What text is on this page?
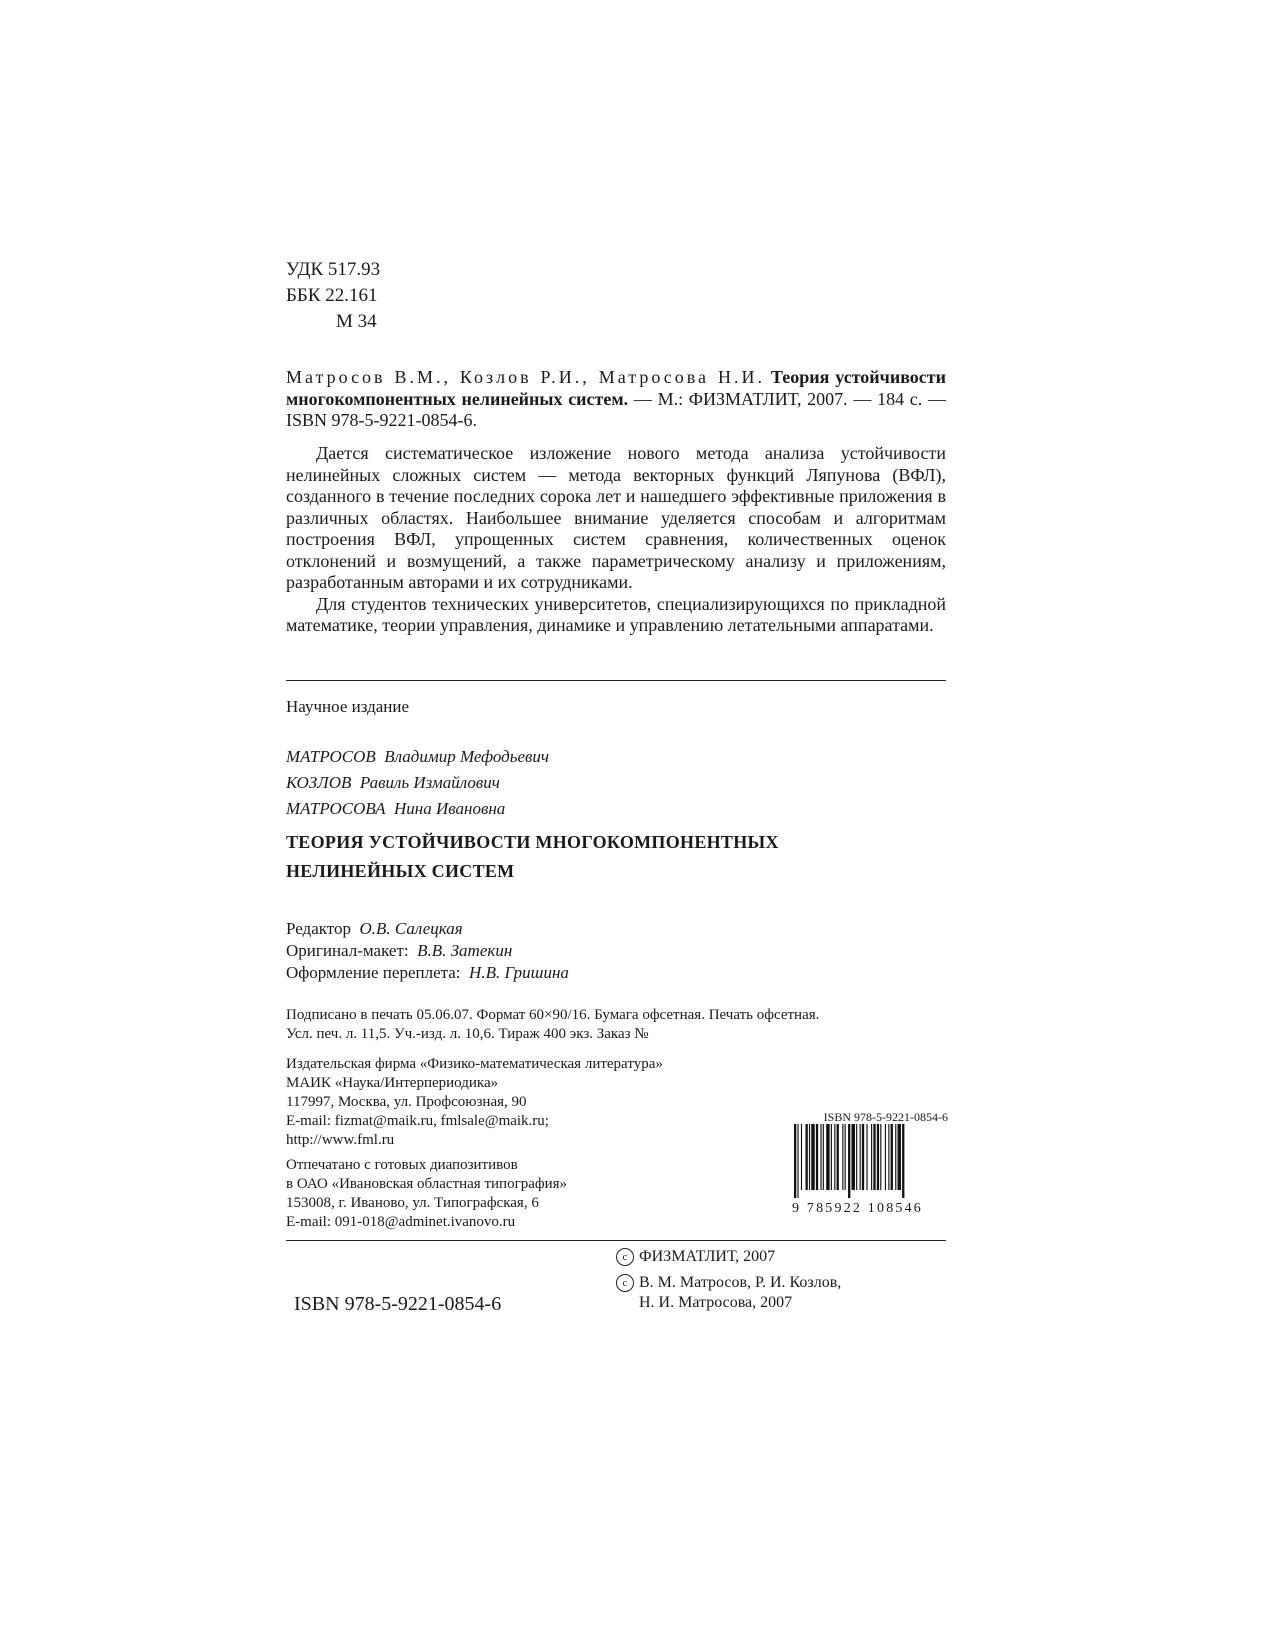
УДК 517.93
ББК 22.161
М 34
Матросов В.М., Козлов Р.И., Матросова Н.И. Теория устойчивости многокомпонентных нелинейных систем. — М.: ФИЗМАТЛИТ, 2007. — 184 с. — ISBN 978-5-9221-0854-6.

Дается систематическое изложение нового метода анализа устойчивости нелинейных сложных систем — метода векторных функций Ляпунова (ВФЛ), созданного в течение последних сорока лет и нашедшего эффективные приложения в различных областях. Наибольшее внимание уделяется способам и алгоритмам построения ВФЛ, упрощенных систем сравнения, количественных оценок отклонений и возмущений, а также параметрическому анализу и приложениям, разработанным авторами и их сотрудниками.

Для студентов технических университетов, специализирующихся по прикладной математике, теории управления, динамике и управлению летательными аппаратами.

Научное издание
МАТРОСОВ Владимир Мефодьевич
КОЗЛОВ Равиль Измайлович
МАТРОСОВА Нина Ивановна
ТЕОРИЯ УСТОЙЧИВОСТИ МНОГОКОМПОНЕНТНЫХ
НЕЛИНЕЙНЫХ СИСТЕМ
Редактор О.В. Салецкая
Оригинал-макет: В.В. Затекин
Оформление переплета: Н.В. Гришина
Подписано в печать 05.06.07. Формат 60×90/16. Бумага офсетная. Печать офсетная.
Усл. печ. л. 11,5. Уч.-изд. л. 10,6. Тираж 400 экз. Заказ №
Издательская фирма «Физико-математическая литература»
МАИК «Наука/Интерпериодика»
117997, Москва, ул. Профсоюзная, 90
E-mail: fizmat@maik.ru, fmlsale@maik.ru;
http://www.fml.ru
Отпечатано с готовых диапозитивов
в ОАО «Ивановская областная типография»
153008, г. Иваново, ул. Типографская, 6
E-mail: 091-018@adminet.ivanovo.ru
ISBN 978-5-9221-0854-6
9 785922 108546
ISBN 978-5-9221-0854-6
c ФИЗМАТЛИТ, 2007
c В. М. Матросов, Р. И. Козлов,
Н. И. Матросова, 2007
